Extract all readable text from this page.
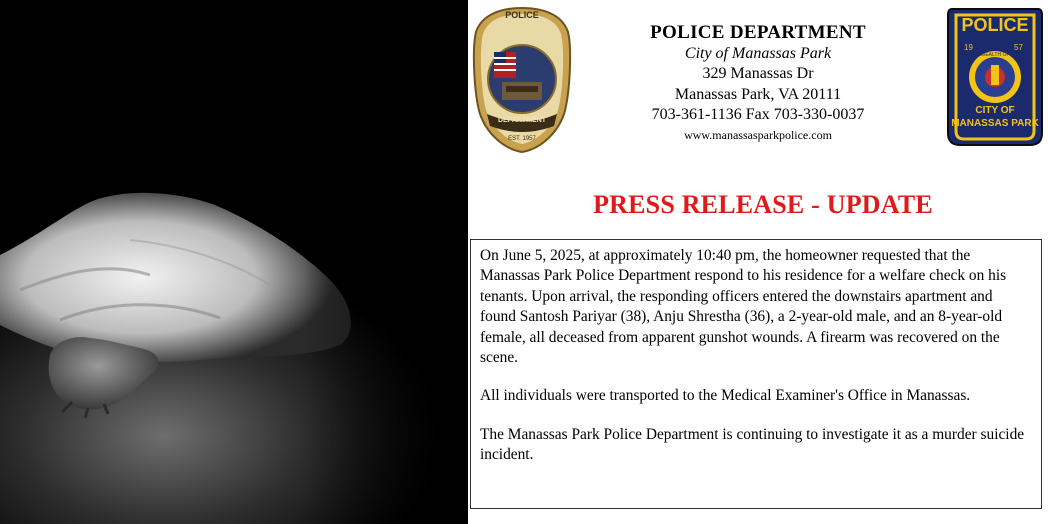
POLICE
DEPARTMENT
EST. 1957
POLICE DEPARTMENT
City of Manassas Park
329 Manassas Dr
Manassas Park, VA 20111
703-361-1136 Fax 703-330-0037
www.manassasparkpolice.com
POLICE
19	57
COMMONWEALTH OF VIRGINIA
CITY OF
MANASSAS PARK
PRESS RELEASE - UPDATE

On June 5, 2025, at approximately 10:40 pm, the homeowner requested that the Manassas Park Police Department respond to his residence for a welfare check on his tenants. Upon arrival, the responding officers entered the downstairs apartment and found Santosh Pariyar (38), Anju Shrestha (36), a 2-year-old male, and an 8-year-old female, all deceased from apparent gunshot wounds. A firearm was recovered on the scene.

All individuals were transported to the Medical Examiner's Office in Manassas.

The Manassas Park Police Department is continuing to investigate it as a murder suicide incident.
